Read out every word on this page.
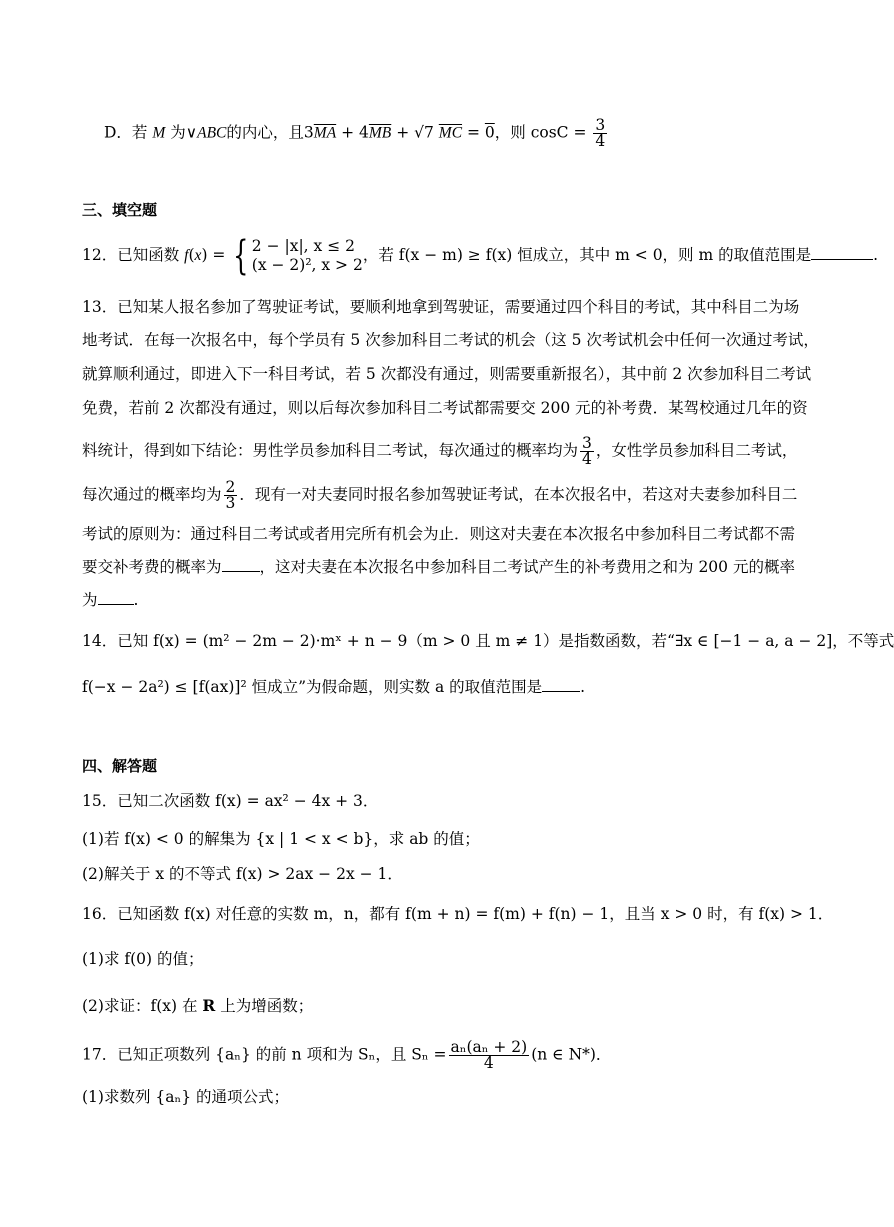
D．若 M 为∨ABC的内心，且$3\overline{MA} + 4\overline{MB} + √7$ $\overline{MC} = 0$，则 $\cos C = \frac{3}{4}$
三、填空题
12．已知函数 f(x) = { 2 − |x|, x ≤ 2
(x − 2)², x > 2
，若 f(x − m) ≥ f(x) 恒成立，其中 m < 0，则 m 的取值范围是	.
13．已知某人报名参加了驾驶证考试，要顺利地拿到驾驶证，需要通过四个科目的考试，其中科目二为场
地考试．在每一次报名中，每个学员有 5 次参加科目二考试的机会（这 5 次考试机会中任何一次通过考试，
就算顺利通过，即进入下一科目考试，若 5 次都没有通过，则需要重新报名），其中前 2 次参加科目二考试
免费，若前 2 次都没有通过，则以后每次参加科目二考试都需要交 200 元的补考费．某驾校通过几年的资
料统计，得到如下结论：男性学员参加科目二考试，每次通过的概率均为 $\frac{3}{4}$ ，女性学员参加科目二考试，
每次通过的概率均为 $\frac{2}{3}$ ．现有一对夫妻同时报名参加驾驶证考试，在本次报名中，若这对夫妻参加科目二
考试的原则为：通过科目二考试或者用完所有机会为止．则这对夫妻在本次报名中参加科目二考试都不需
要交补考费的概率为 ，这对夫妻在本次报名中参加科目二考试产生的补考费用之和为 200 元的概率
为 .
14．已知 f(x) = (m² − 2m − 2)·mˣ + n − 9（m > 0 且 m ≠ 1）是指数函数，若“∃x ∈ [−1 − a, a − 2]，不等式
f(−x − 2a²) ≤ [f(ax)]² 恒成立”为假命题，则实数 a 的取值范围是 .
四、解答题
15．已知二次函数 f(x) = ax² − 4x + 3．
(1)若 f(x) < 0 的解集为 {x | 1 < x < b}，求 ab 的值；
(2)解关于 x 的不等式 f(x) > 2ax − 2x − 1．
16．已知函数 f(x) 对任意的实数 m，n，都有 f(m + n) = f(m) + f(n) − 1，且当 x > 0 时，有 f(x) > 1．
(1)求 f(0) 的值；
(2)求证：f(x) 在 R 上为增函数；
17．已知正项数列 {aₙ} 的前 n 项和为 Sₙ，且 $S_n = \frac{\text{aₙ(aₙ + 2)}}{4} (n$ ∈ N*)．
(1)求数列 {aₙ} 的通项公式；
